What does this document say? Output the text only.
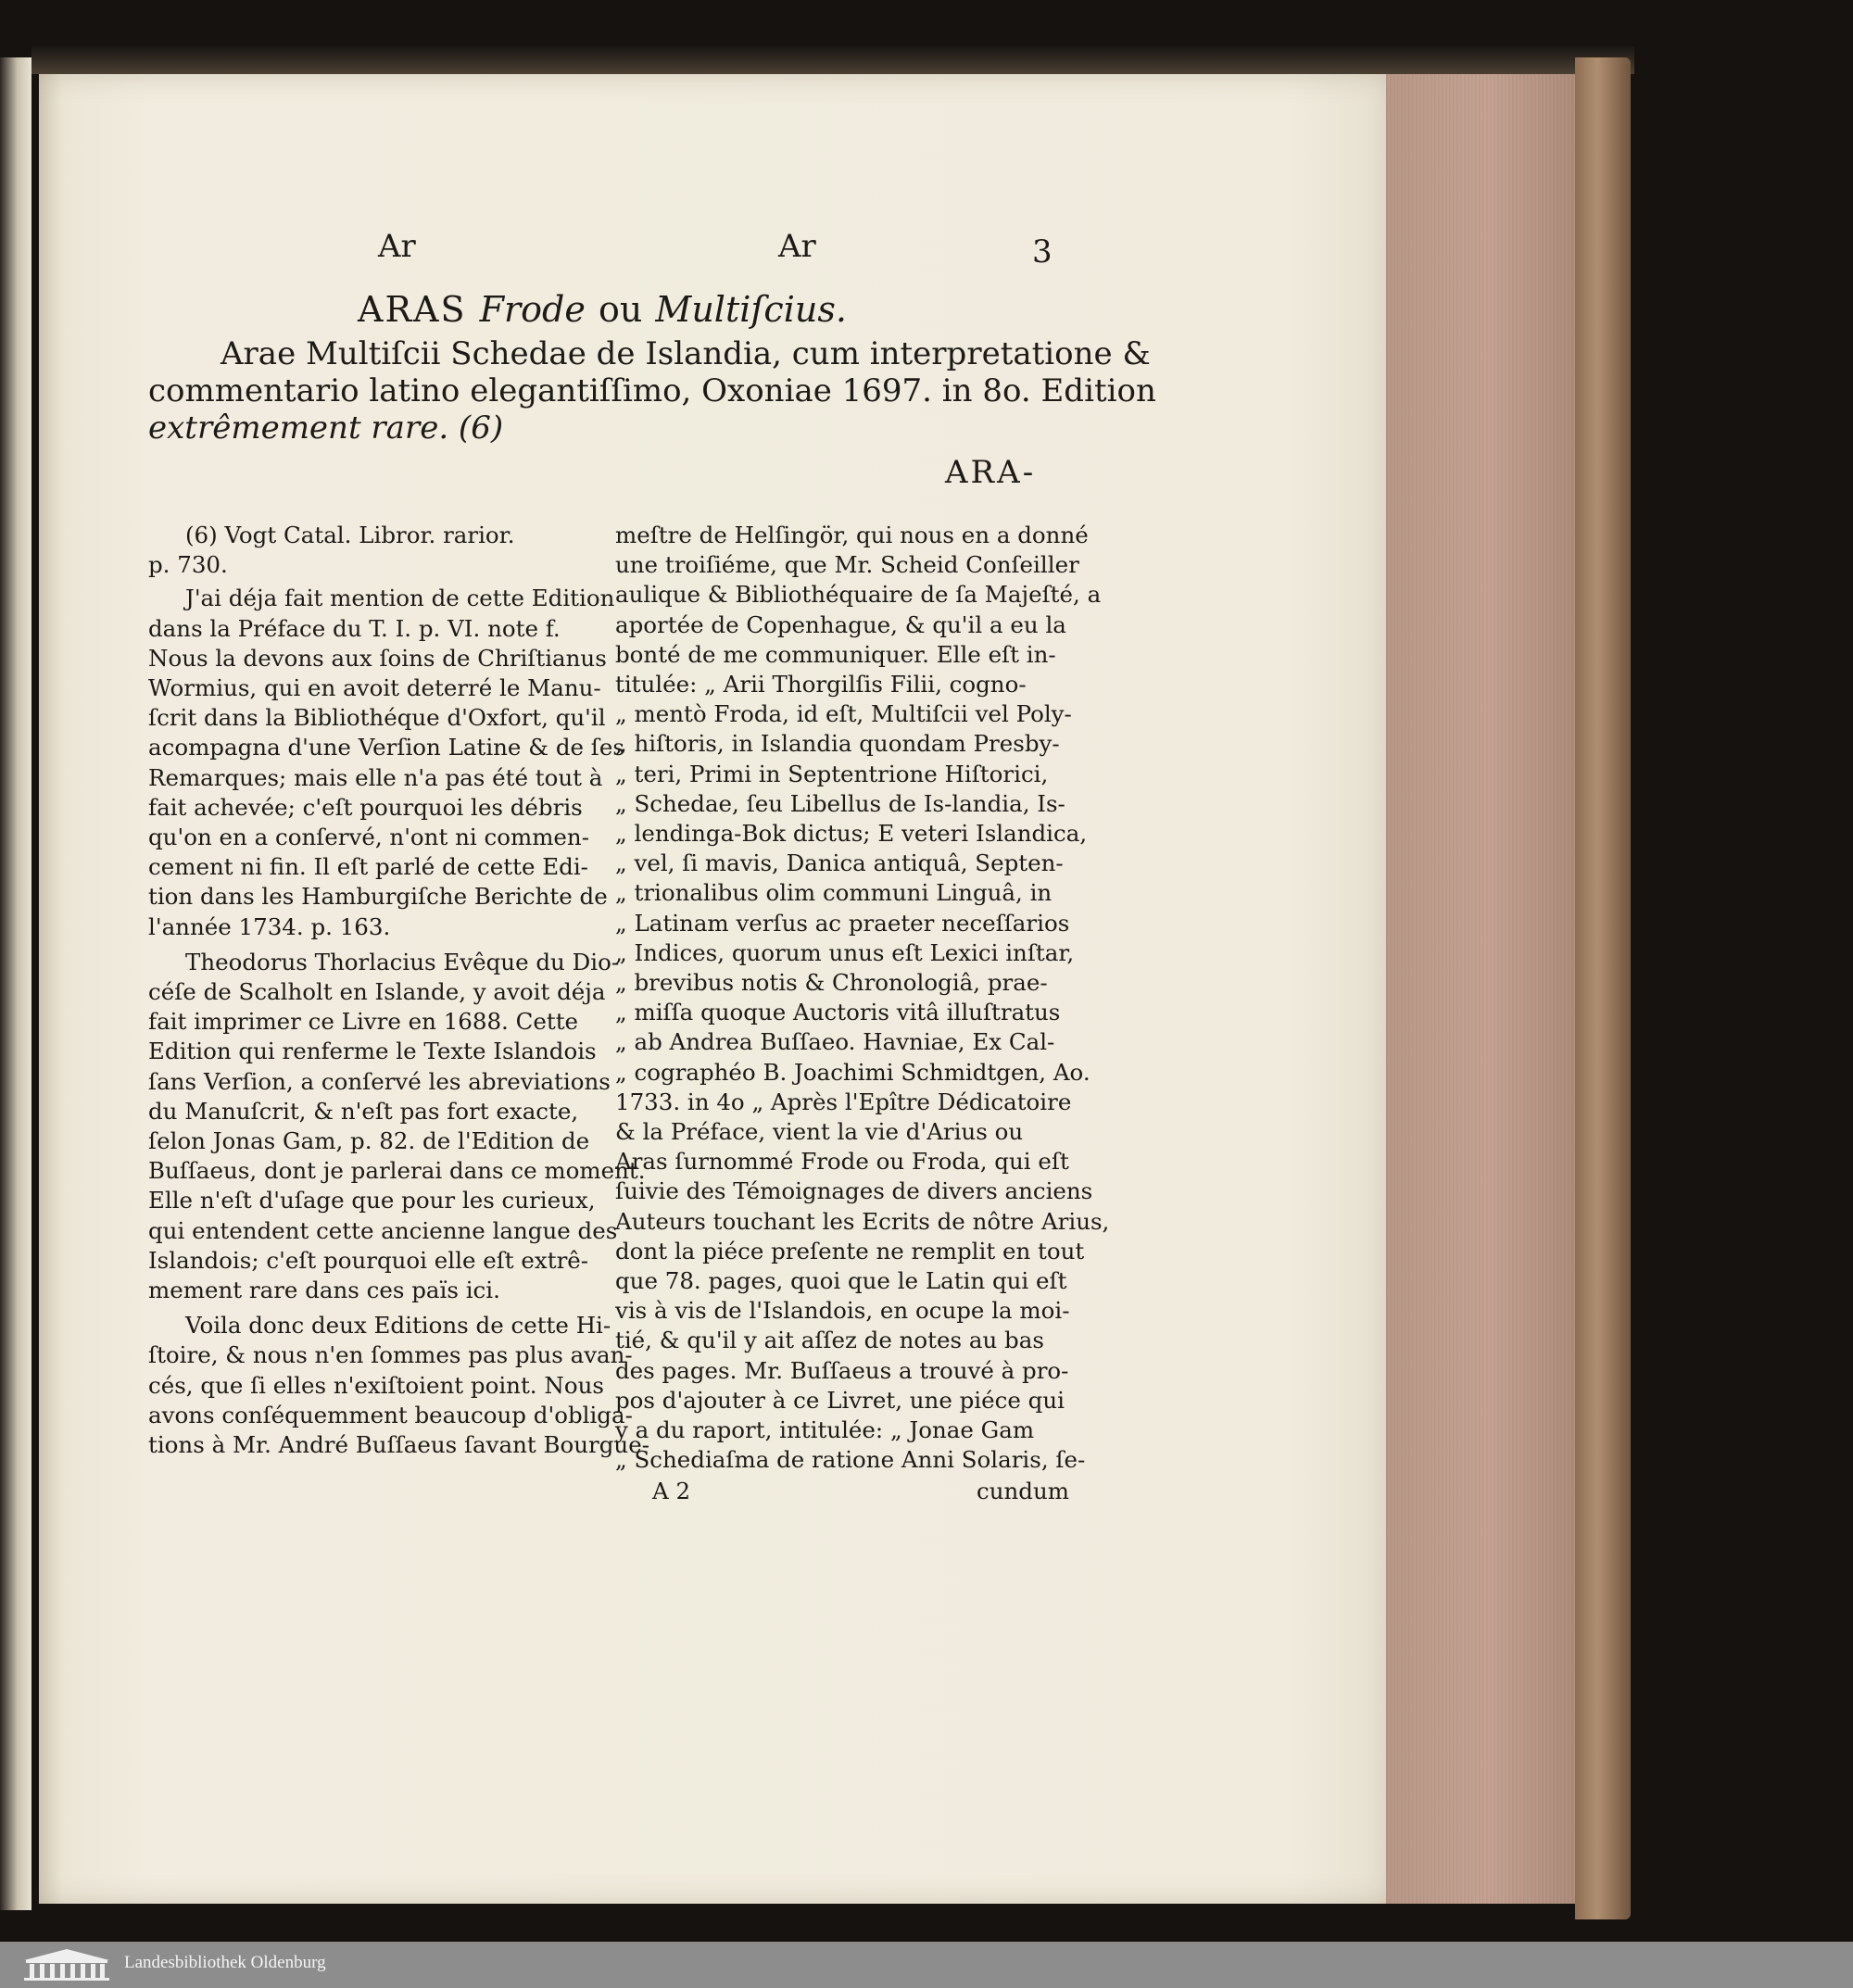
Ar	Ar	3
ARAS Frode ou Multiſcius.
Arae Multiſcii Schedae de Islandia, cum interpretatione &
commentario latino elegantiſſimo, Oxoniae 1697. in 8o. Edition
extrêmement rare. (6)
ARA-
(6) Vogt Catal. Libror. rarior.
p. 730.
J'ai déja fait mention de cette Edition
dans la Préface du T. I. p. VI. note f.
Nous la devons aux ſoins de Chriſtianus
Wormius, qui en avoit deterré le Manu-
ſcrit dans la Bibliothéque d'Oxfort, qu'il
acompagna d'une Verſion Latine & de ſes
Remarques; mais elle n'a pas été tout à
fait achevée; c'eſt pourquoi les débris
qu'on en a conſervé, n'ont ni commen-
cement ni fin. Il eſt parlé de cette Edi-
tion dans les Hamburgiſche Berichte de
l'année 1734. p. 163.
Theodorus Thorlacius Evêque du Dio-
céſe de Scalholt en Islande, y avoit déja
fait imprimer ce Livre en 1688. Cette
Edition qui renferme le Texte Islandois
ſans Verſion, a conſervé les abreviations
du Manuſcrit, & n'eſt pas fort exacte,
ſelon Jonas Gam, p. 82. de l'Edition de
Buſſaeus, dont je parlerai dans ce moment.
Elle n'eſt d'uſage que pour les curieux,
qui entendent cette ancienne langue des
Islandois; c'eſt pourquoi elle eſt extrê-
mement rare dans ces païs ici.
Voila donc deux Editions de cette Hi-
ſtoire, & nous n'en ſommes pas plus avan-
cés, que ſi elles n'exiſtoient point. Nous
avons conſéquemment beaucoup d'obliga-
tions à Mr. André Buſſaeus ſavant Bourgue-
meſtre de Helſingör, qui nous en a donné
une troiſiéme, que Mr. Scheid Conſeiller
aulique & Bibliothéquaire de ſa Majeſté, a
aportée de Copenhague, & qu'il a eu la
bonté de me communiquer. Elle eſt in-
titulée: „ Arii Thorgilſis Filii, cogno-
„ mentò Froda, id eſt, Multiſcii vel Poly-
„ hiſtoris, in Islandia quondam Presby-
„ teri, Primi in Septentrione Hiſtorici,
„ Schedae, ſeu Libellus de Is-landia, Is-
„ lendinga-Bok dictus; E veteri Islandica,
„ vel, ſi mavis, Danica antiquâ, Septen-
„ trionalibus olim communi Linguâ, in
„ Latinam verſus ac praeter neceſſarios
„ Indices, quorum unus eſt Lexici inſtar,
„ brevibus notis & Chronologiâ, prae-
„ miſſa quoque Auctoris vitâ illuſtratus
„ ab Andrea Buſſaeo. Havniae, Ex Cal-
„ cographéo B. Joachimi Schmidtgen, Ao.
1733. in 4o „ Après l'Epître Dédicatoire
& la Préface, vient la vie d'Arius ou
Aras ſurnommé Frode ou Froda, qui eſt
ſuivie des Témoignages de divers anciens
Auteurs touchant les Ecrits de nôtre Arius,
dont la piéce preſente ne remplit en tout
que 78. pages, quoi que le Latin qui eſt
vis à vis de l'Islandois, en ocupe la moi-
tié, & qu'il y ait aſſez de notes au bas
des pages. Mr. Buſſaeus a trouvé à pro-
pos d'ajouter à ce Livret, une piéce qui
y a du raport, intitulée: „ Jonae Gam
„ Schediaſma de ratione Anni Solaris, ſe-
A 2	cundum
Landesbibliothek Oldenburg
